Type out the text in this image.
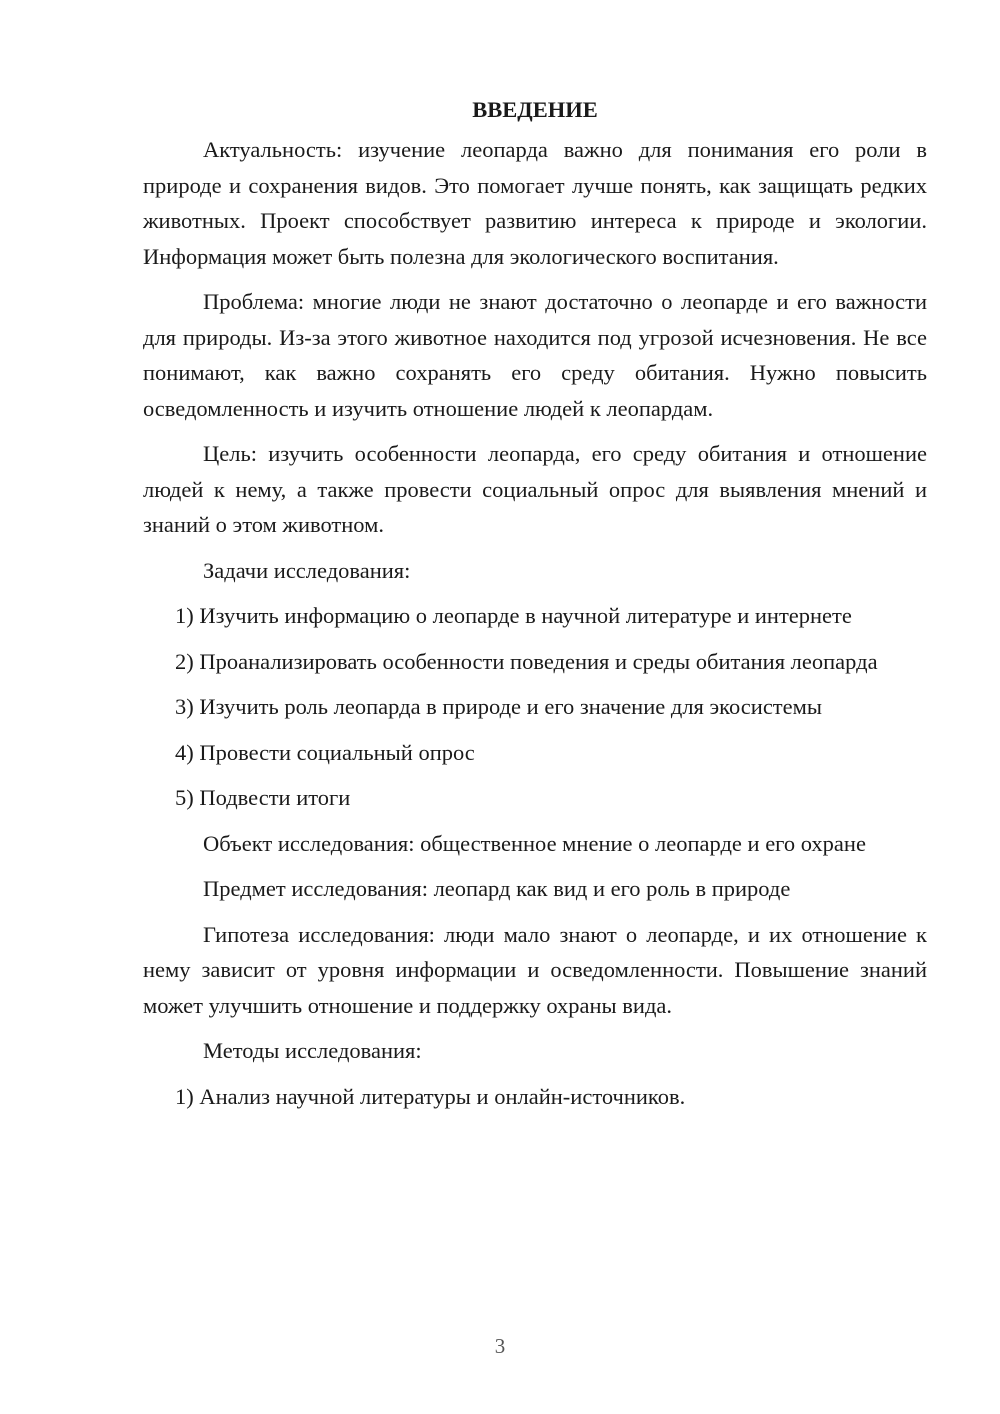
ВВЕДЕНИЕ

Актуальность: изучение леопарда важно для понимания его роли в природе и сохранения видов. Это помогает лучше понять, как защищать редких животных. Проект способствует развитию интереса к природе и экологии. Информация может быть полезна для экологического воспитания.

Проблема: многие люди не знают достаточно о леопарде и его важности для природы. Из-за этого животное находится под угрозой исчезновения. Не все понимают, как важно сохранять его среду обитания. Нужно повысить осведомленность и изучить отношение людей к леопардам.

Цель: изучить особенности леопарда, его среду обитания и отношение людей к нему, а также провести социальный опрос для выявления мнений и знаний о этом животном.

Задачи исследования:

1) Изучить информацию о леопарде в научной литературе и интернете

2) Проанализировать особенности поведения и среды обитания леопарда

3) Изучить роль леопарда в природе и его значение для экосистемы

4) Провести социальный опрос

5) Подвести итоги

Объект исследования: общественное мнение о леопарде и его охране

Предмет исследования: леопард как вид и его роль в природе

Гипотеза исследования: люди мало знают о леопарде, и их отношение к нему зависит от уровня информации и осведомленности. Повышение знаний может улучшить отношение и поддержку охраны вида.

Методы исследования:

1) Анализ научной литературы и онлайн-источников.

3
